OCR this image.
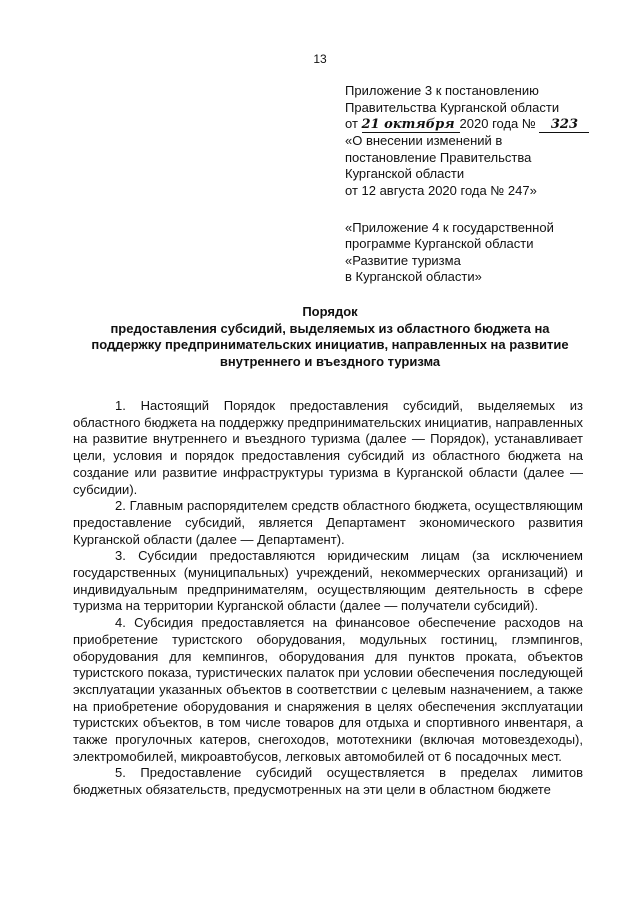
13
Приложение 3 к постановлению
Правительства Курганской области
от 21 октября 2020 года № 323
«О внесении изменений в
постановление Правительства
Курганской области
от 12 августа 2020 года № 247»
«Приложение 4 к государственной
программе Курганской области
«Развитие туризма
в Курганской области»
Порядок
предоставления субсидий, выделяемых из областного бюджета на
поддержку предпринимательских инициатив, направленных на развитие
внутреннего и въездного туризма

1. Настоящий Порядок предоставления субсидий, выделяемых из областного бюджета на поддержку предпринимательских инициатив, направленных на развитие внутреннего и въездного туризма (далее — Порядок), устанавливает цели, условия и порядок предоставления субсидий из областного бюджета на создание или развитие инфраструктуры туризма в Курганской области (далее — субсидии).

2. Главным распорядителем средств областного бюджета, осуществляющим предоставление субсидий, является Департамент экономического развития Курганской области (далее — Департамент).

3. Субсидии предоставляются юридическим лицам (за исключением государственных (муниципальных) учреждений, некоммерческих организаций) и индивидуальным предпринимателям, осуществляющим деятельность в сфере туризма на территории Курганской области (далее — получатели субсидий).

4. Субсидия предоставляется на финансовое обеспечение расходов на приобретение туристского оборудования, модульных гостиниц, глэмпингов, оборудования для кемпингов, оборудования для пунктов проката, объектов туристского показа, туристических палаток при условии обеспечения последующей эксплуатации указанных объектов в соответствии с целевым назначением, а также на приобретение оборудования и снаряжения в целях обеспечения эксплуатации туристских объектов, в том числе товаров для отдыха и спортивного инвентаря, а также прогулочных катеров, снегоходов, мототехники (включая мотовездеходы), электромобилей, микроавтобусов, легковых автомобилей от 6 посадочных мест.

5. Предоставление субсидий осуществляется в пределах лимитов бюджетных обязательств, предусмотренных на эти цели в областном бюджете
